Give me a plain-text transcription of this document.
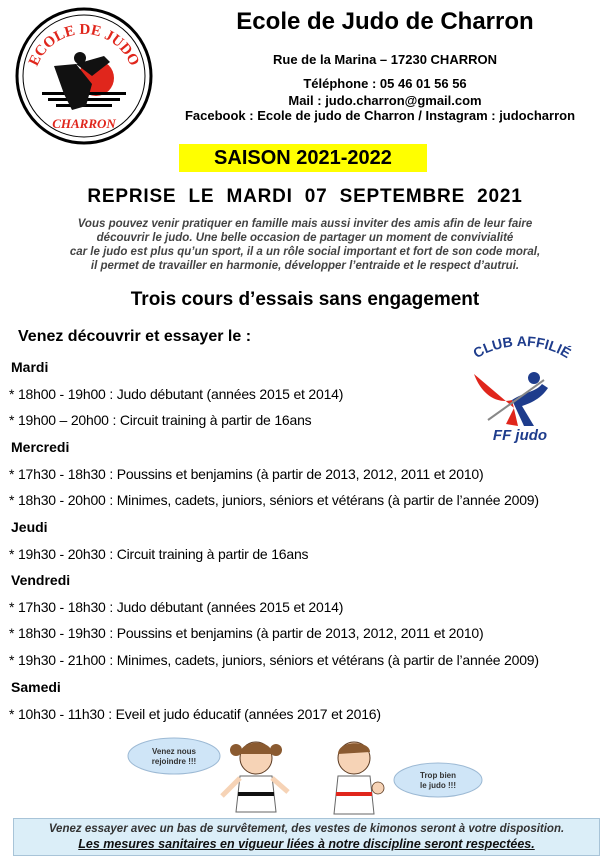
ECOLE DE JUDO
CHARRON
Ecole de Judo de Charron
Rue de la Marina – 17230 CHARRON
Téléphone : 05 46 01 56 56
Mail : judo.charron@gmail.com
Facebook : Ecole de judo de Charron / Instagram : judocharron
SAISON 2021-2022
REPRISE LE MARDI 07 SEPTEMBRE 2021
Vous pouvez venir pratiquer en famille mais aussi inviter des amis afin de leur faire
découvrir le judo. Une belle occasion de partager un moment de convivialité
car le judo est plus qu’un sport, il a un rôle social important et fort de son code moral,
il permet de travailler en harmonie, développer l’entraide et le respect d’autrui.
Trois cours d’essais sans engagement
Venez découvrir et essayer le :
CLUB AFFILIÉ
FF judo
Mardi
* 18h00 - 19h00 : Judo débutant (années 2015 et 2014)
* 19h00 – 20h00 : Circuit training à partir de 16ans
Mercredi
* 17h30 - 18h30 : Poussins et benjamins (à partir de 2013, 2012, 2011 et 2010)
* 18h30 - 20h00 : Minimes, cadets, juniors, séniors et vétérans (à partir de l’année 2009)
Jeudi
* 19h30 - 20h30 : Circuit training à partir de 16ans
Vendredi
* 17h30 - 18h30 : Judo débutant (années 2015 et 2014)
* 18h30 - 19h30 : Poussins et benjamins (à partir de 2013, 2012, 2011 et 2010)
* 19h30 - 21h00 : Minimes, cadets, juniors, séniors et vétérans (à partir de l’année 2009)
Samedi
* 10h30 - 11h30 : Eveil et judo éducatif (années 2017 et 2016)
Venez nous
rejoindre !!!
Trop bien
le judo !!!
Venez essayer avec un bas de survêtement, des vestes de kimonos seront à votre disposition.
Les mesures sanitaires en vigueur liées à notre discipline seront respectées.
